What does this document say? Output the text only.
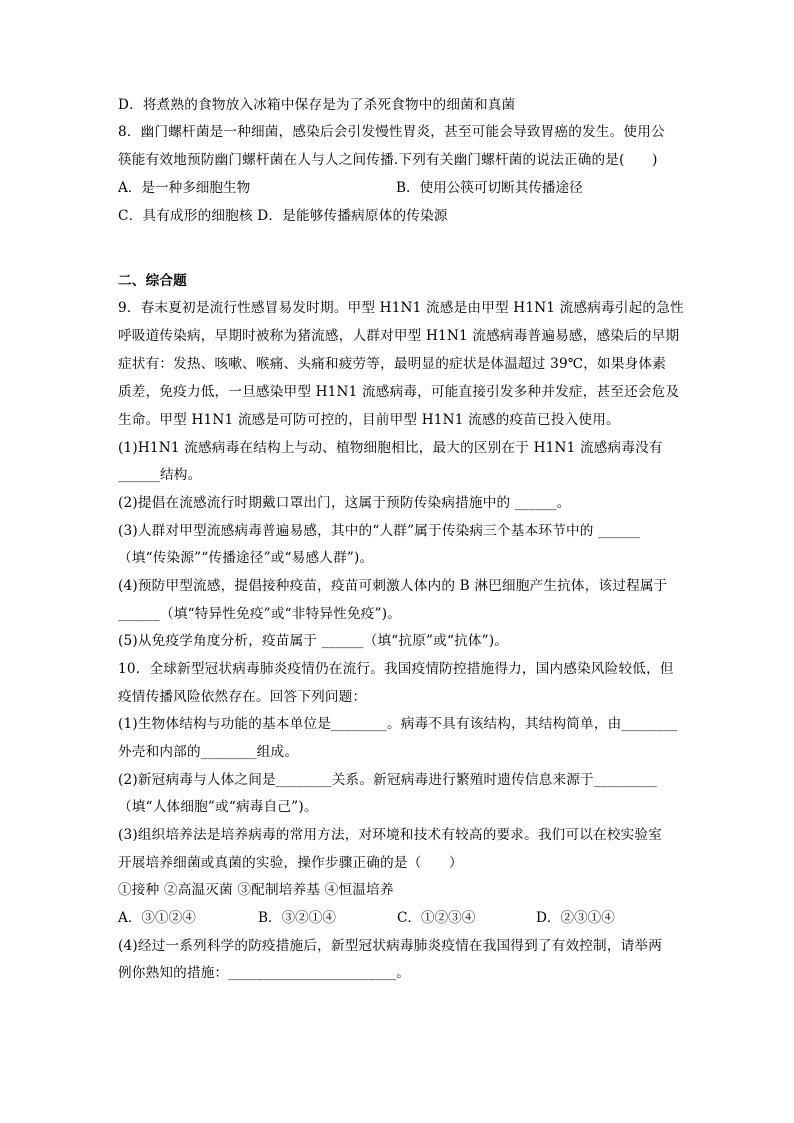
D．将煮熟的食物放入冰箱中保存是为了杀死食物中的细菌和真菌
8．幽门螺杆菌是一种细菌，感染后会引发慢性胃炎，甚至可能会导致胃癌的发生。使用公
筷能有效地预防幽门螺杆菌在人与人之间传播.下列有关幽门螺杆菌的说法正确的是(　　)
A．是一种多细胞生物	B．使用公筷可切断其传播途径
C．具有成形的细胞核 D．是能够传播病原体的传染源
二、综合题
9．春末夏初是流行性感冒易发时期。甲型 H1N1 流感是由甲型 H1N1 流感病毒引起的急性
呼吸道传染病，早期时被称为猪流感，人群对甲型 H1N1 流感病毒普遍易感，感染后的早期
症状有：发热、咳嗽、喉痛、头痛和疲劳等，最明显的症状是体温超过 39℃，如果身体素
质差，免疫力低，一旦感染甲型 H1N1 流感病毒，可能直接引发多种并发症，甚至还会危及
生命。甲型 H1N1 流感是可防可控的，目前甲型 H1N1 流感的疫苗已投入使用。
(1)H1N1 流感病毒在结构上与动、植物细胞相比，最大的区别在于 H1N1 流感病毒没有
______结构。
(2)提倡在流感流行时期戴口罩出门，这属于预防传染病措施中的 ______。
(3)人群对甲型流感病毒普遍易感，其中的“人群”属于传染病三个基本环节中的 ______
（填“传染源”“传播途径”或“易感人群”)。
(4)预防甲型流感，提倡接种疫苗，疫苗可刺激人体内的 B 淋巴细胞产生抗体，该过程属于
______（填“特异性免疫”或“非特异性免疫”)。
(5)从免疫学角度分析，疫苗属于 ______（填“抗原”或“抗体”)。
10．全球新型冠状病毒肺炎疫情仍在流行。我国疫情防控措施得力，国内感染风险较低，但
疫情传播风险依然存在。回答下列问题：
(1)生物体结构与功能的基本单位是________。病毒不具有该结构，其结构简单，由________
外壳和内部的________组成。
(2)新冠病毒与人体之间是________关系。新冠病毒进行繁殖时遗传信息来源于_________
（填“人体细胞”或“病毒自己”)。
(3)组织培养法是培养病毒的常用方法，对环境和技术有较高的要求。我们可以在校实验室
开展培养细菌或真菌的实验，操作步骤正确的是（　　）
①接种 ②高温灭菌 ③配制培养基 ④恒温培养
A．③①②④	B．③②①④	C．①②③④	D．②③①④
(4)经过一系列科学的防疫措施后，新型冠状病毒肺炎疫情在我国得到了有效控制，请举两
例你熟知的措施：________________________。
